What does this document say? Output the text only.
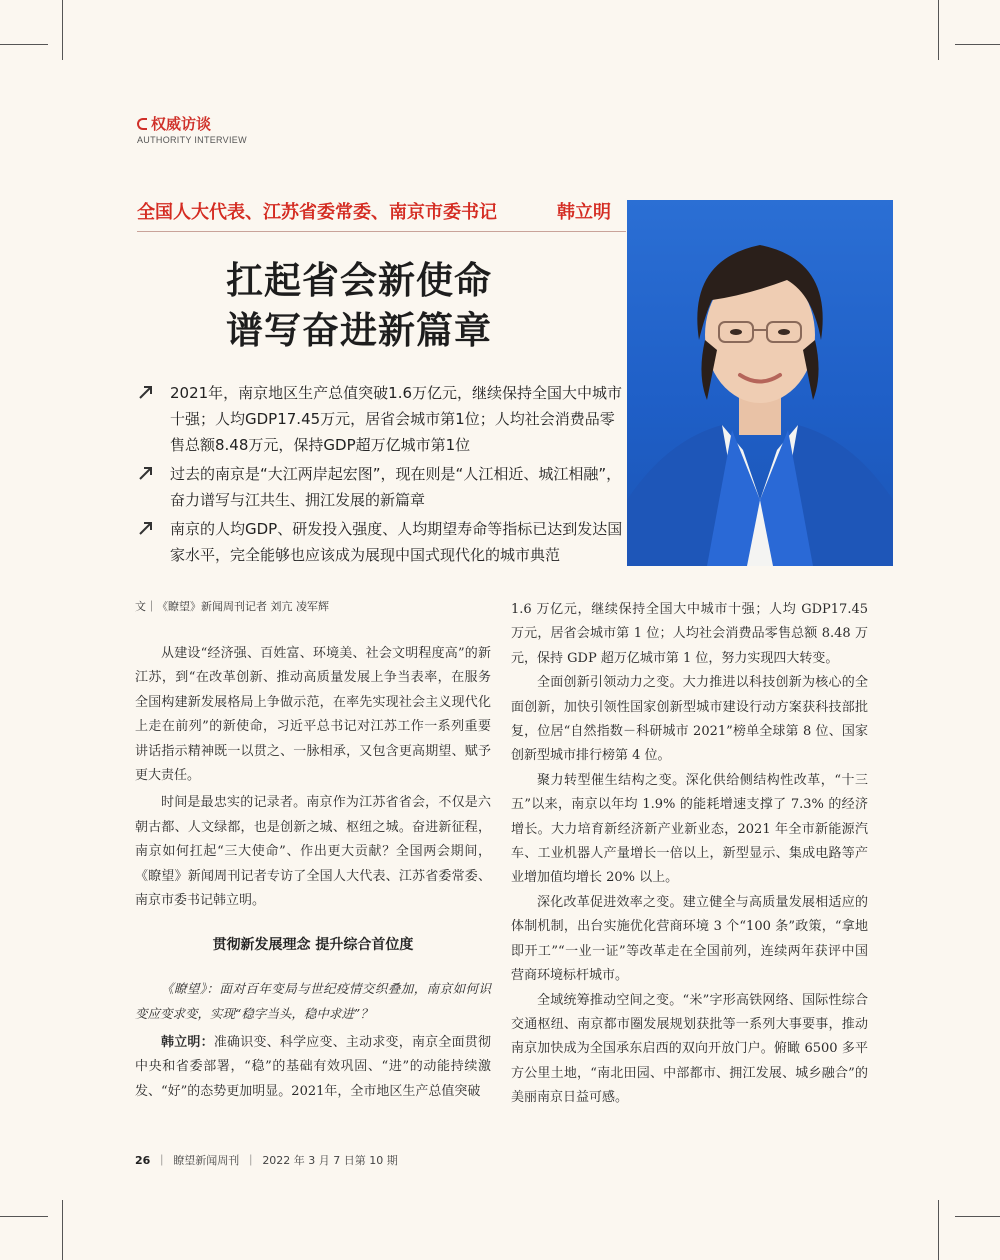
权威访谈
AUTHORITY INTERVIEW
全国人大代表、江苏省委常委、南京市委书记	韩立明
扛起省会新使命
谱写奋进新篇章
2021年，南京地区生产总值突破1.6万亿元，继续保持全国大中城市十强；人均GDP17.45万元，居省会城市第1位；人均社会消费品零售总额8.48万元，保持GDP超万亿城市第1位
过去的南京是“大江两岸起宏图”，现在则是“人江相近、城江相融”，奋力谱写与江共生、拥江发展的新篇章
南京的人均GDP、研发投入强度、人均期望寿命等指标已达到发达国家水平，完全能够也应该成为展现中国式现代化的城市典范
文｜《瞭望》新闻周刊记者 刘亢 凌军辉

从建设“经济强、百姓富、环境美、社会文明程度高”的新江苏，到“在改革创新、推动高质量发展上争当表率，在服务全国构建新发展格局上争做示范，在率先实现社会主义现代化上走在前列”的新使命，习近平总书记对江苏工作一系列重要讲话指示精神既一以贯之、一脉相承，又包含更高期望、赋予更大责任。

时间是最忠实的记录者。南京作为江苏省省会，不仅是六朝古都、人文绿都，也是创新之城、枢纽之城。奋进新征程，南京如何扛起“三大使命”、作出更大贡献？全国两会期间，《瞭望》新闻周刊记者专访了全国人大代表、江苏省委常委、南京市委书记韩立明。

贯彻新发展理念 提升综合首位度

《瞭望》：面对百年变局与世纪疫情交织叠加，南京如何识变应变求变，实现“稳字当头，稳中求进”？

韩立明：准确识变、科学应变、主动求变，南京全面贯彻中央和省委部署，“稳”的基础有效巩固、“进”的动能持续激发、“好”的态势更加明显。2021年，全市地区生产总值突破

1.6 万亿元，继续保持全国大中城市十强；人均 GDP17.45 万元，居省会城市第 1 位；人均社会消费品零售总额 8.48 万元，保持 GDP 超万亿城市第 1 位，努力实现四大转变。

全面创新引领动力之变。大力推进以科技创新为核心的全面创新，加快引领性国家创新型城市建设行动方案获科技部批复，位居“自然指数－科研城市 2021”榜单全球第 8 位、国家创新型城市排行榜第 4 位。

聚力转型催生结构之变。深化供给侧结构性改革，“十三五”以来，南京以年均 1.9% 的能耗增速支撑了 7.3% 的经济增长。大力培育新经济新产业新业态，2021 年全市新能源汽车、工业机器人产量增长一倍以上，新型显示、集成电路等产业增加值均增长 20% 以上。

深化改革促进效率之变。建立健全与高质量发展相适应的体制机制，出台实施优化营商环境 3 个“100 条”政策，“拿地即开工”“一业一证”等改革走在全国前列，连续两年获评中国营商环境标杆城市。

全域统筹推动空间之变。“米”字形高铁网络、国际性综合交通枢纽、南京都市圈发展规划获批等一系列大事要事，推动南京加快成为全国承东启西的双向开放门户。俯瞰 6500 多平方公里土地，“南北田园、中部都市、拥江发展、城乡融合”的美丽南京日益可感。

26 ｜ 瞭望新闻周刊 ｜ 2022 年 3 月 7 日第 10 期
